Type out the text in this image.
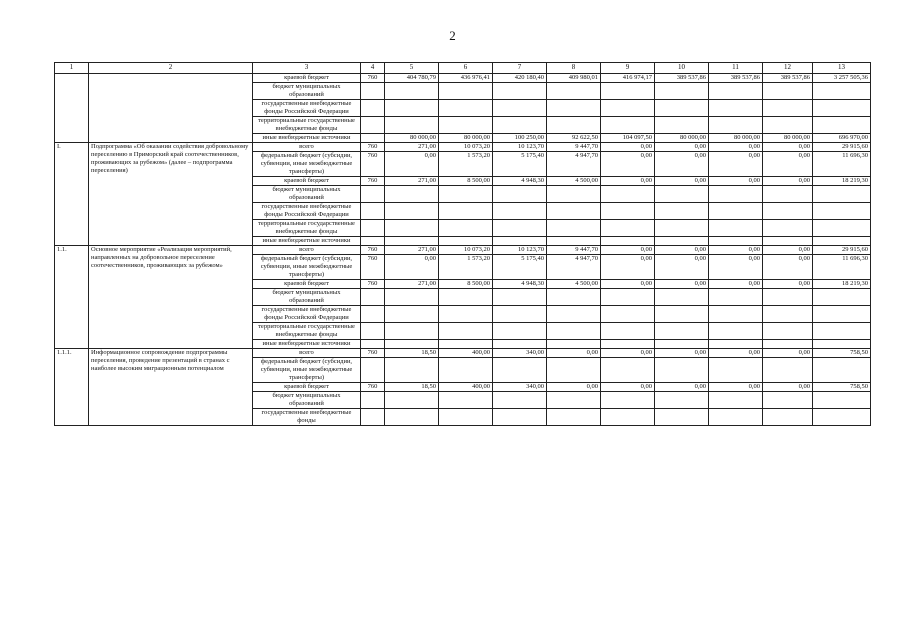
2
1	2	3	4	5	6	7	8	9	10	11	12	13
		краевой бюджет	760	404 780,79	436 976,41	420 180,40	409 980,01	416 974,17	389 537,86	389 537,86	389 537,86	3 257 505,36
		бюджет муниципальных образований										
		государственные внебюджетные фонды Российской Федерации										
		территориальные государственные внебюджетные фонды										
		иные внебюджетные источники		80 000,00	80 000,00	100 250,00	92 622,50	104 097,50	80 000,00	80 000,00	80 000,00	696 970,00
I.	Подпрограмма «Об оказании содействия добровольному переселению в Приморский край соотечественников, проживающих за рубежом» (далее – подпрограмма переселения)	всего	760	271,00	10 073,20	10 123,70	9 447,70	0,00	0,00	0,00	0,00	29 915,60
		федеральный бюджет (субсидии, субвенции, иные межбюджетные трансферты)	760	0,00	1 573,20	5 175,40	4 947,70	0,00	0,00	0,00	0,00	11 696,30
		краевой бюджет	760	271,00	8 500,00	4 948,30	4 500,00	0,00	0,00	0,00	0,00	18 219,30
		бюджет муниципальных образований										
		государственные внебюджетные фонды Российской Федерации										
		территориальные государственные внебюджетные фонды										
		иные внебюджетные источники										
1.1.	Основное мероприятие «Реализация мероприятий, направленных на добровольное переселение соотечественников, проживающих за рубежом»	всего	760	271,00	10 073,20	10 123,70	9 447,70	0,00	0,00	0,00	0,00	29 915,60
		федеральный бюджет (субсидии, субвенции, иные межбюджетные трансферты)	760	0,00	1 573,20	5 175,40	4 947,70	0,00	0,00	0,00	0,00	11 696,30
		краевой бюджет	760	271,00	8 500,00	4 948,30	4 500,00	0,00	0,00	0,00	0,00	18 219,30
		бюджет муниципальных образований										
		государственные внебюджетные фонды Российской Федерации										
		территориальные государственные внебюджетные фонды										
		иные внебюджетные источники										
1.1.1.	Информационное сопровождение подпрограммы переселения, проведение презентаций в странах с наиболее высоким миграционным потенциалом	всего	760	18,50	400,00	340,00	0,00	0,00	0,00	0,00	0,00	758,50
		федеральный бюджет (субсидии, субвенции, иные межбюджетные трансферты)										
		краевой бюджет	760	18,50	400,00	340,00	0,00	0,00	0,00	0,00	0,00	758,50
		бюджет муниципальных образований										
		государственные внебюджетные фонды										
